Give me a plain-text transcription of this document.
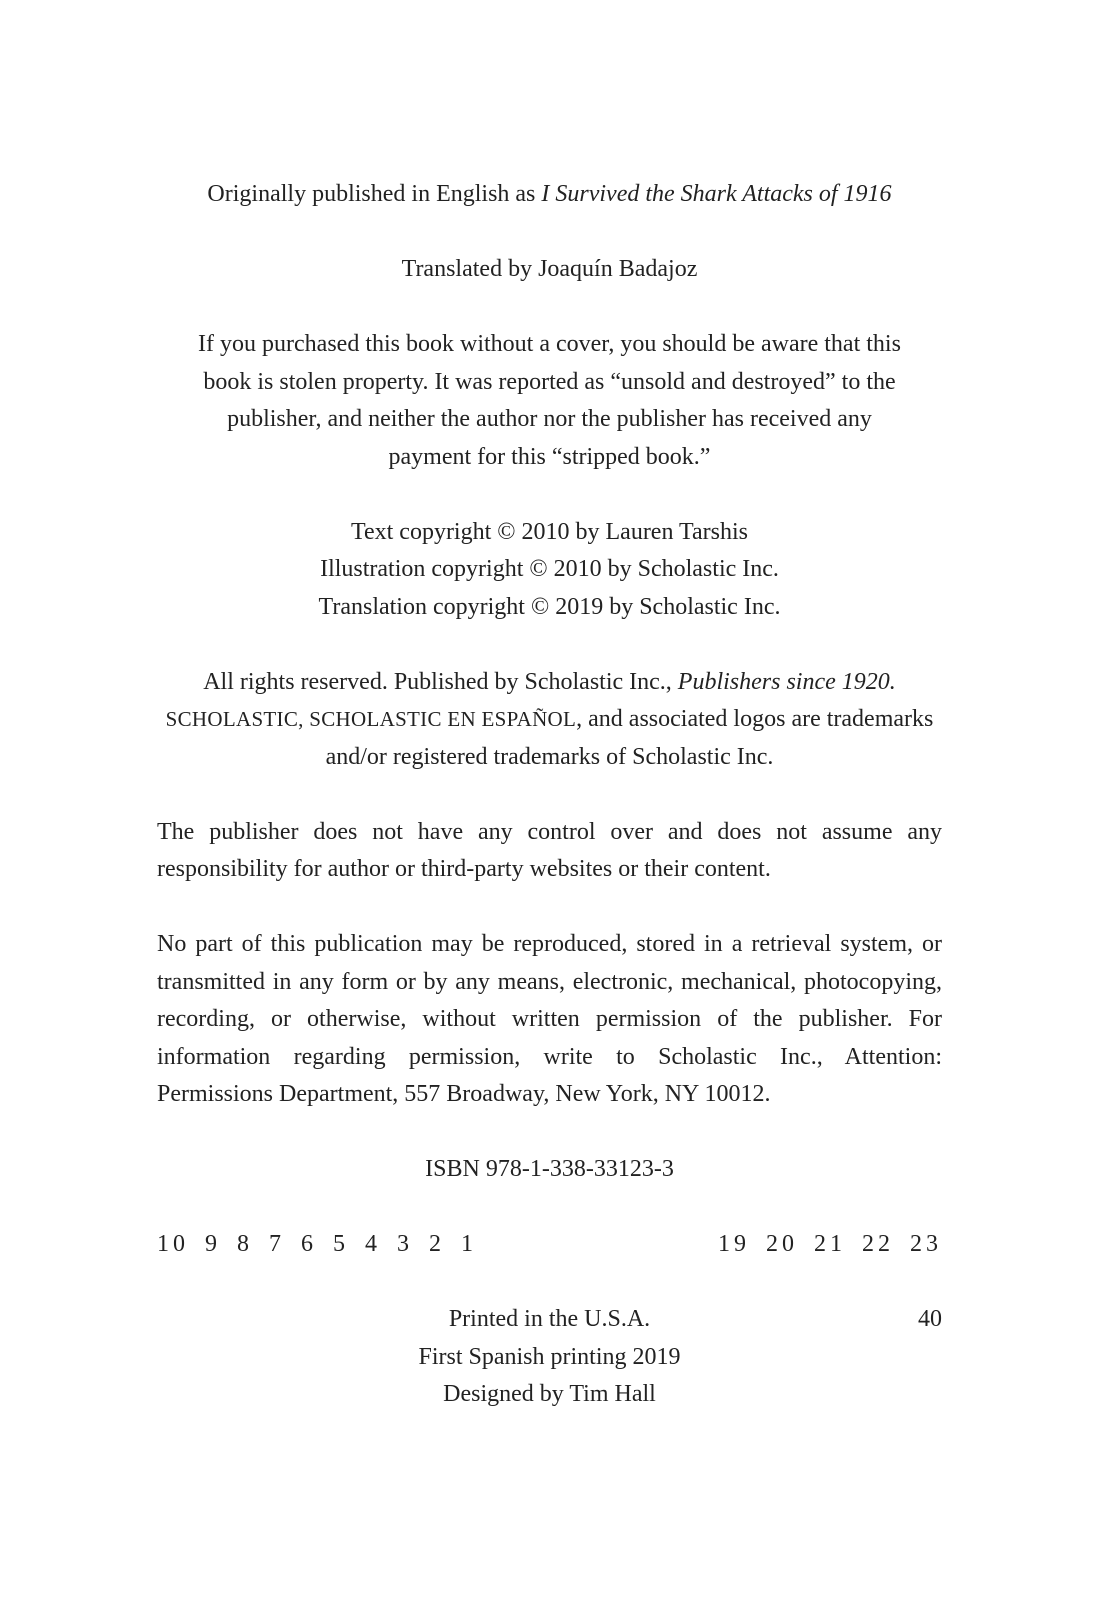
Originally published in English as I Survived the Shark Attacks of 1916
Translated by Joaquín Badajoz
If you purchased this book without a cover, you should be aware that this
book is stolen property. It was reported as “unsold and destroyed” to the
publisher, and neither the author nor the publisher has received any
payment for this “stripped book.”
Text copyright © 2010 by Lauren Tarshis
Illustration copyright © 2010 by Scholastic Inc.
Translation copyright © 2019 by Scholastic Inc.
All rights reserved. Published by Scholastic Inc., Publishers since 1920.
SCHOLASTIC, SCHOLASTIC EN ESPAÑOL, and associated logos are trademarks
and/or registered trademarks of Scholastic Inc.

The publisher does not have any control over and does not assume any responsibility for author or third-party websites or their content.

No part of this publication may be reproduced, stored in a retrieval system, or transmitted in any form or by any means, electronic, mechanical, photocopying, recording, or otherwise, without written permission of the publisher. For information regarding permission, write to Scholastic Inc., Attention: Permissions Department, 557 Broadway, New York, NY 10012.

ISBN 978-1-338-33123-3
10 9 8 7 6 5 4 3 2 1	19 20 21 22 23
Printed in the U.S.A.	40
First Spanish printing 2019
Designed by Tim Hall
